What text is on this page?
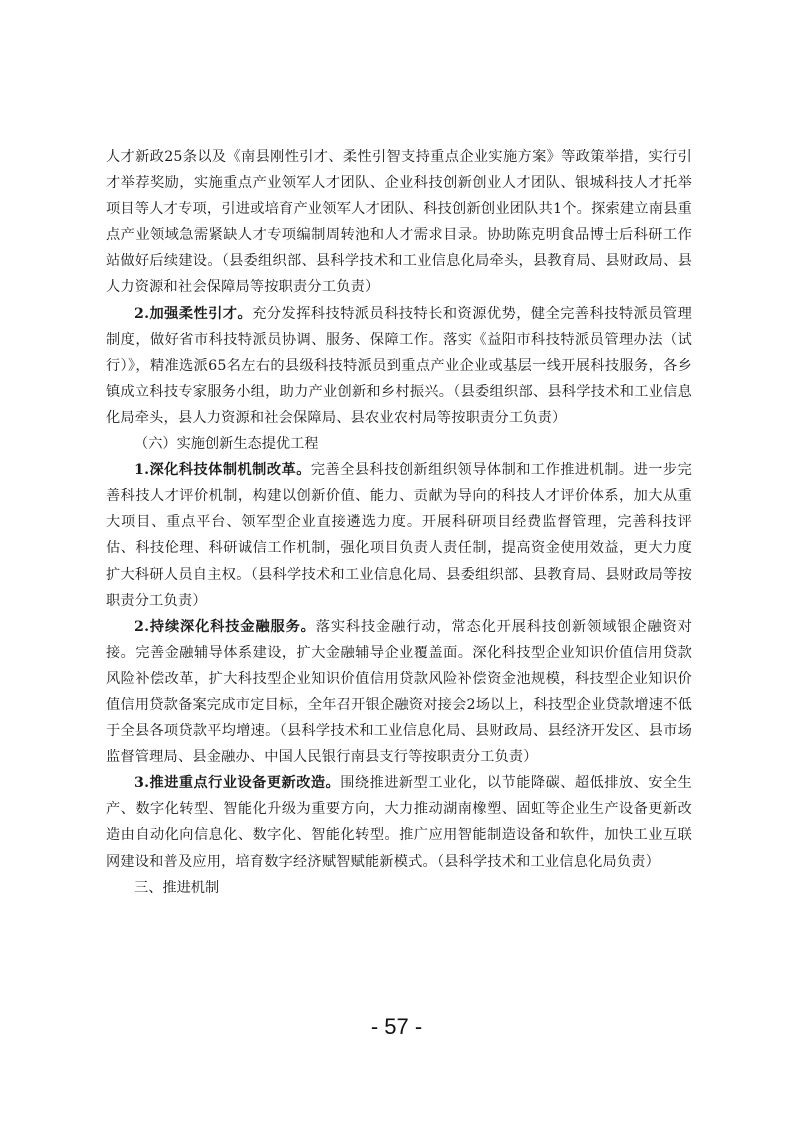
人才新政25条以及《南县刚性引才、柔性引智支持重点企业实施方案》等政策举措，实行引才举荐奖励，实施重点产业领军人才团队、企业科技创新创业人才团队、银城科技人才托举项目等人才专项，引进或培育产业领军人才团队、科技创新创业团队共1个。探索建立南县重点产业领域急需紧缺人才专项编制周转池和人才需求目录。协助陈克明食品博士后科研工作站做好后续建设。（县委组织部、县科学技术和工业信息化局牵头，县教育局、县财政局、县人力资源和社会保障局等按职责分工负责）

2.加强柔性引才。充分发挥科技特派员科技特长和资源优势，健全完善科技特派员管理制度，做好省市科技特派员协调、服务、保障工作。落实《益阳市科技特派员管理办法（试行）》，精准选派65名左右的县级科技特派员到重点产业企业或基层一线开展科技服务，各乡镇成立科技专家服务小组，助力产业创新和乡村振兴。（县委组织部、县科学技术和工业信息化局牵头，县人力资源和社会保障局、县农业农村局等按职责分工负责）

（六）实施创新生态提优工程

1.深化科技体制机制改革。完善全县科技创新组织领导体制和工作推进机制。进一步完善科技人才评价机制，构建以创新价值、能力、贡献为导向的科技人才评价体系，加大从重大项目、重点平台、领军型企业直接遴选力度。开展科研项目经费监督管理，完善科技评估、科技伦理、科研诚信工作机制，强化项目负责人责任制，提高资金使用效益，更大力度扩大科研人员自主权。（县科学技术和工业信息化局、县委组织部、县教育局、县财政局等按职责分工负责）

2.持续深化科技金融服务。落实科技金融行动，常态化开展科技创新领域银企融资对接。完善金融辅导体系建设，扩大金融辅导企业覆盖面。深化科技型企业知识价值信用贷款风险补偿改革，扩大科技型企业知识价值信用贷款风险补偿资金池规模，科技型企业知识价值信用贷款备案完成市定目标，全年召开银企融资对接会2场以上，科技型企业贷款增速不低于全县各项贷款平均增速。（县科学技术和工业信息化局、县财政局、县经济开发区、县市场监督管理局、县金融办、中国人民银行南县支行等按职责分工负责）

3.推进重点行业设备更新改造。围绕推进新型工业化，以节能降碳、超低排放、安全生产、数字化转型、智能化升级为重要方向，大力推动湖南橡塑、固虹等企业生产设备更新改造由自动化向信息化、数字化、智能化转型。推广应用智能制造设备和软件，加快工业互联网建设和普及应用，培育数字经济赋智赋能新模式。（县科学技术和工业信息化局负责）

三、推进机制

- 57 -
